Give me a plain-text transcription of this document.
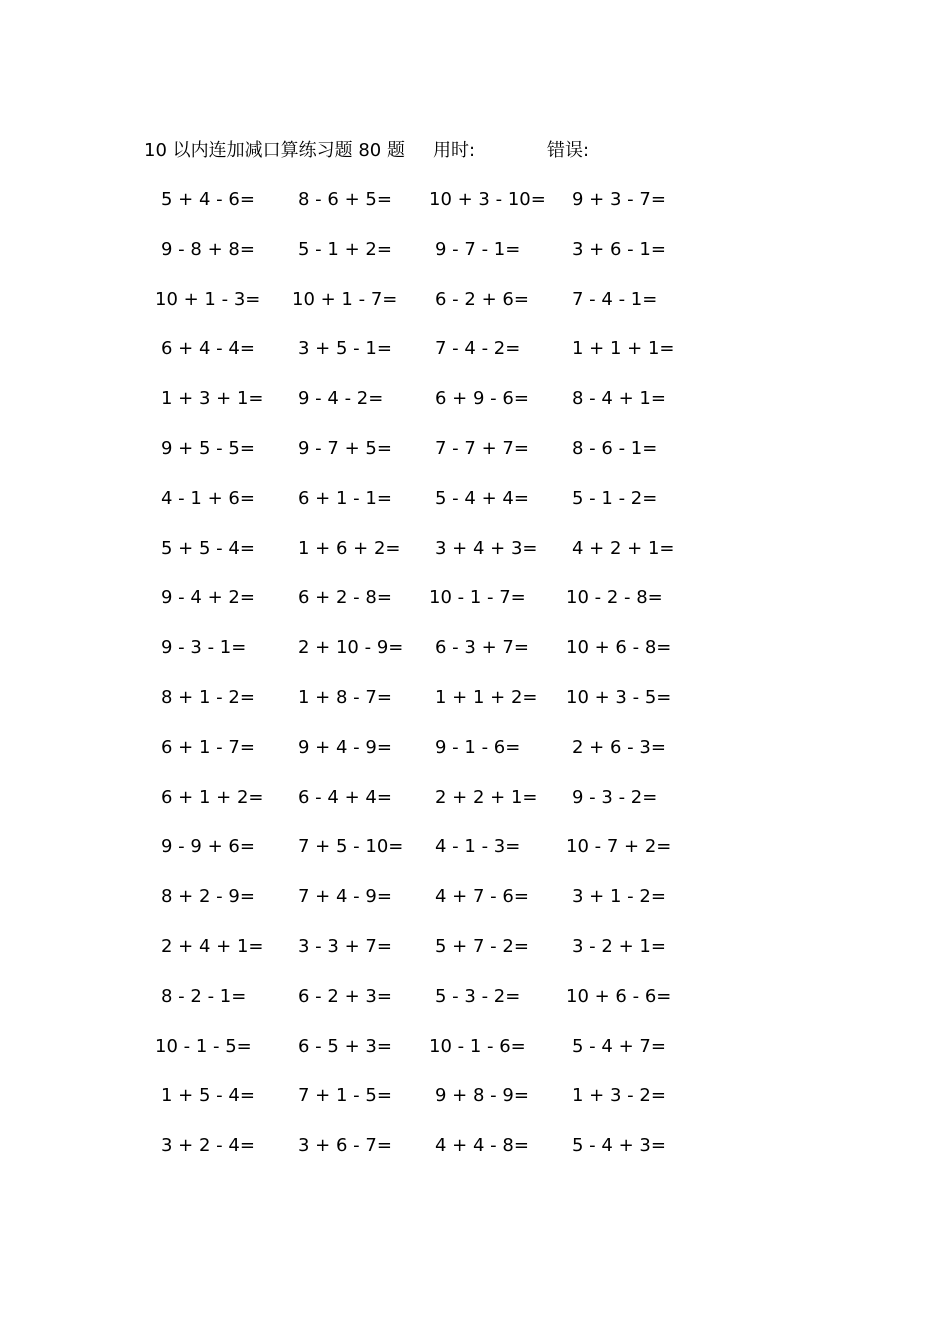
10 以内连加减口算练习题 80 题 用时:	错误:
5 + 4 - 6= 8 - 6 + 5= 10 + 3 - 10= 9 + 3 - 7=
9 - 8 + 8= 5 - 1 + 2= 9 - 7 - 1=	3 + 6 - 1=
10 + 1 - 3= 10 + 1 - 7= 6 - 2 + 6= 7 - 4 - 1=
6 + 4 - 4= 3 + 5 - 1= 7 - 4 - 2=	1 + 1 + 1=
1 + 3 + 1= 9 - 4 - 2=	6 + 9 - 6= 8 - 4 + 1=
9 + 5 - 5= 9 - 7 + 5= 7 - 7 + 7= 8 - 6 - 1=
4 - 1 + 6= 6 + 1 - 1= 5 - 4 + 4= 5 - 1 - 2=
5 + 5 - 4= 1 + 6 + 2= 3 + 4 + 3= 4 + 2 + 1=
9 - 4 + 2= 6 + 2 - 8= 10 - 1 - 7= 10 - 2 - 8=
9 - 3 - 1=	2 + 10 - 9= 6 - 3 + 7= 10 + 6 - 8=
8 + 1 - 2= 1 + 8 - 7= 1 + 1 + 2= 10 + 3 - 5=
6 + 1 - 7= 9 + 4 - 9= 9 - 1 - 6=	2 + 6 - 3=
6 + 1 + 2= 6 - 4 + 4= 2 + 2 + 1= 9 - 3 - 2=
9 - 9 + 6= 7 + 5 - 10= 4 - 1 - 3=	10 - 7 + 2=
8 + 2 - 9= 7 + 4 - 9= 4 + 7 - 6= 3 + 1 - 2=
2 + 4 + 1= 3 - 3 + 7= 5 + 7 - 2= 3 - 2 + 1=
8 - 2 - 1=	6 - 2 + 3= 5 - 3 - 2=	10 + 6 - 6=
10 - 1 - 5=	6 - 5 + 3= 10 - 1 - 6=	5 - 4 + 7=
1 + 5 - 4= 7 + 1 - 5= 9 + 8 - 9= 1 + 3 - 2=
3 + 2 - 4= 3 + 6 - 7= 4 + 4 - 8= 5 - 4 + 3=
